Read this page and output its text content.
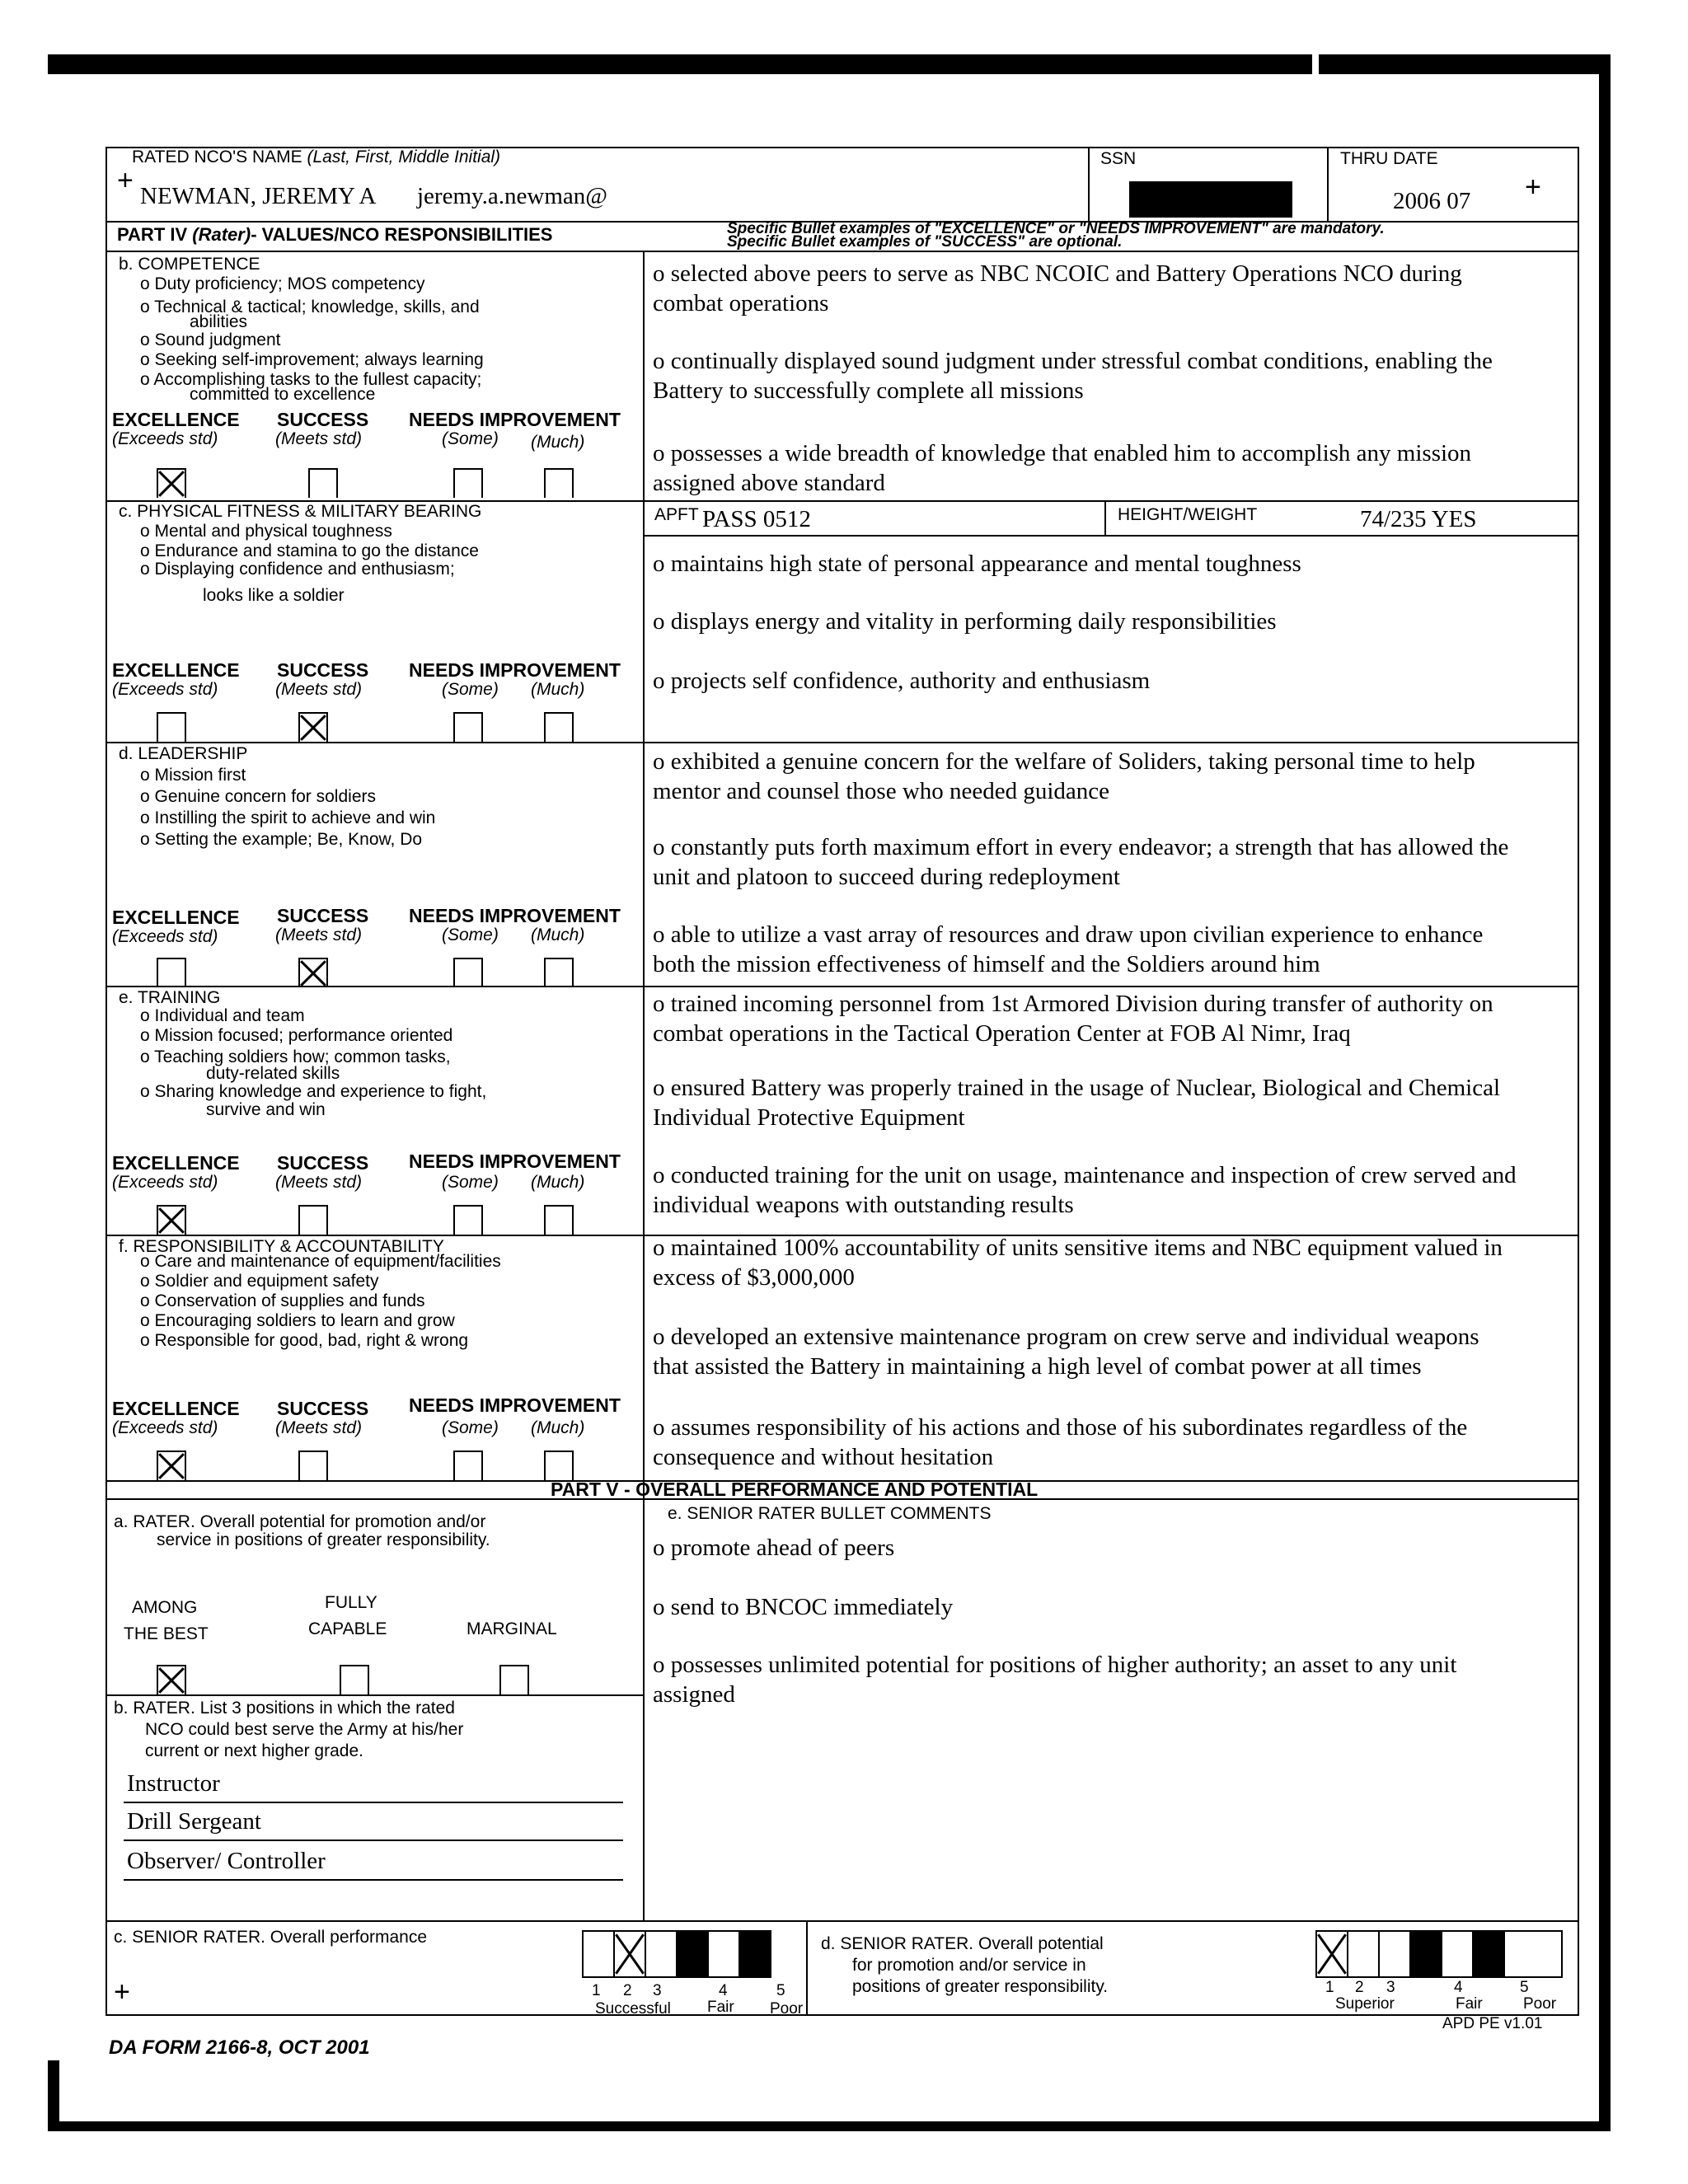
RATED NCO'S NAME (Last, First, Middle Initial)
+ NEWMAN, JEREMY A jeremy.a.newman@
SSN	THRU DATE
2006 07 +
PART IV (Rater)- VALUES/NCO RESPONSIBILITIES	Specific Bullet examples of "EXCELLENCE" or "NEEDS IMPROVEMENT" are mandatory.
Specific Bullet examples of "SUCCESS" are optional.
b. COMPETENCE
o Duty proficiency; MOS competency
o Technical & tactical; knowledge, skills, and
abilities
o Sound judgment
o Seeking self-improvement; always learning
o Accomplishing tasks to the fullest capacity;
committed to excellence
EXCELLENCE
(Exceeds std)
SUCCESS
(Meets std)
NEEDS IMPROVEMENT
(Some) (Much)
o selected above peers to serve as NBC NCOIC and Battery Operations NCO during combat operations
o continually displayed sound judgment under stressful combat conditions, enabling the Battery to successfully complete all missions
o possesses a wide breadth of knowledge that enabled him to accomplish any mission assigned above standard
c. PHYSICAL FITNESS & MILITARY BEARING
o Mental and physical toughness
o Endurance and stamina to go the distance
o Displaying confidence and enthusiasm;
looks like a soldier
EXCELLENCE
(Exceeds std)
SUCCESS
(Meets std)
NEEDS IMPROVEMENT
(Some) (Much)
APFT PASS 0512	HEIGHT/WEIGHT	74/235 YES
o maintains high state of personal appearance and mental toughness
o displays energy and vitality in performing daily responsibilities
o projects self confidence, authority and enthusiasm
d. LEADERSHIP
o Mission first
o Genuine concern for soldiers
o Instilling the spirit to achieve and win
o Setting the example; Be, Know, Do
EXCELLENCE
(Exceeds std)
SUCCESS
(Meets std)
NEEDS IMPROVEMENT
(Some) (Much)
o exhibited a genuine concern for the welfare of Soliders, taking personal time to help mentor and counsel those who needed guidance
o constantly puts forth maximum effort in every endeavor; a strength that has allowed the unit and platoon to succeed during redeployment
o able to utilize a vast array of resources and draw upon civilian experience to enhance both the mission effectiveness of himself and the Soldiers around him
e. TRAINING
o Individual and team
o Mission focused; performance oriented
o Teaching soldiers how; common tasks,
duty-related skills
o Sharing knowledge and experience to fight,
survive and win
EXCELLENCE
(Exceeds std)
SUCCESS
(Meets std)
NEEDS IMPROVEMENT
(Some) (Much)
o trained incoming personnel from 1st Armored Division during transfer of authority on combat operations in the Tactical Operation Center at FOB Al Nimr, Iraq
o ensured Battery was properly trained in the usage of Nuclear, Biological and Chemical Individual Protective Equipment
o conducted training for the unit on usage, maintenance and inspection of crew served and individual weapons with outstanding results
f. RESPONSIBILITY & ACCOUNTABILITY
o Care and maintenance of equipment/facilities
o Soldier and equipment safety
o Conservation of supplies and funds
o Encouraging soldiers to learn and grow
o Responsible for good, bad, right & wrong
EXCELLENCE
(Exceeds std)
SUCCESS
(Meets std)
NEEDS IMPROVEMENT
(Some) (Much)
o maintained 100% accountability of units sensitive items and NBC equipment valued in excess of $3,000,000
o developed an extensive maintenance program on crew serve and individual weapons that assisted the Battery in maintaining a high level of combat power at all times
o assumes responsibility of his actions and those of his subordinates regardless of the consequence and without hesitation
PART V - OVERALL PERFORMANCE AND POTENTIAL
a. RATER. Overall potential for promotion and/or
service in positions of greater responsibility.
AMONG
THE BEST
FULLY
CAPABLE	MARGINAL
b. RATER. List 3 positions in which the rated
NCO could best serve the Army at his/her
current or next higher grade.
Instructor
Drill Sergeant
Observer/ Controller
e. SENIOR RATER BULLET COMMENTS
o promote ahead of peers
o send to BNCOC immediately
o possesses unlimited potential for positions of higher authority; an asset to any unit assigned
c. SENIOR RATER. Overall performance
+	1 2 3	4	5
Successful Fair Poor
d. SENIOR RATER. Overall potential
for promotion and/or service in
positions of greater responsibility.	1 2 3	4	5
Superior	Fair	Poor
APD PE v1.01
DA FORM 2166-8, OCT 2001
